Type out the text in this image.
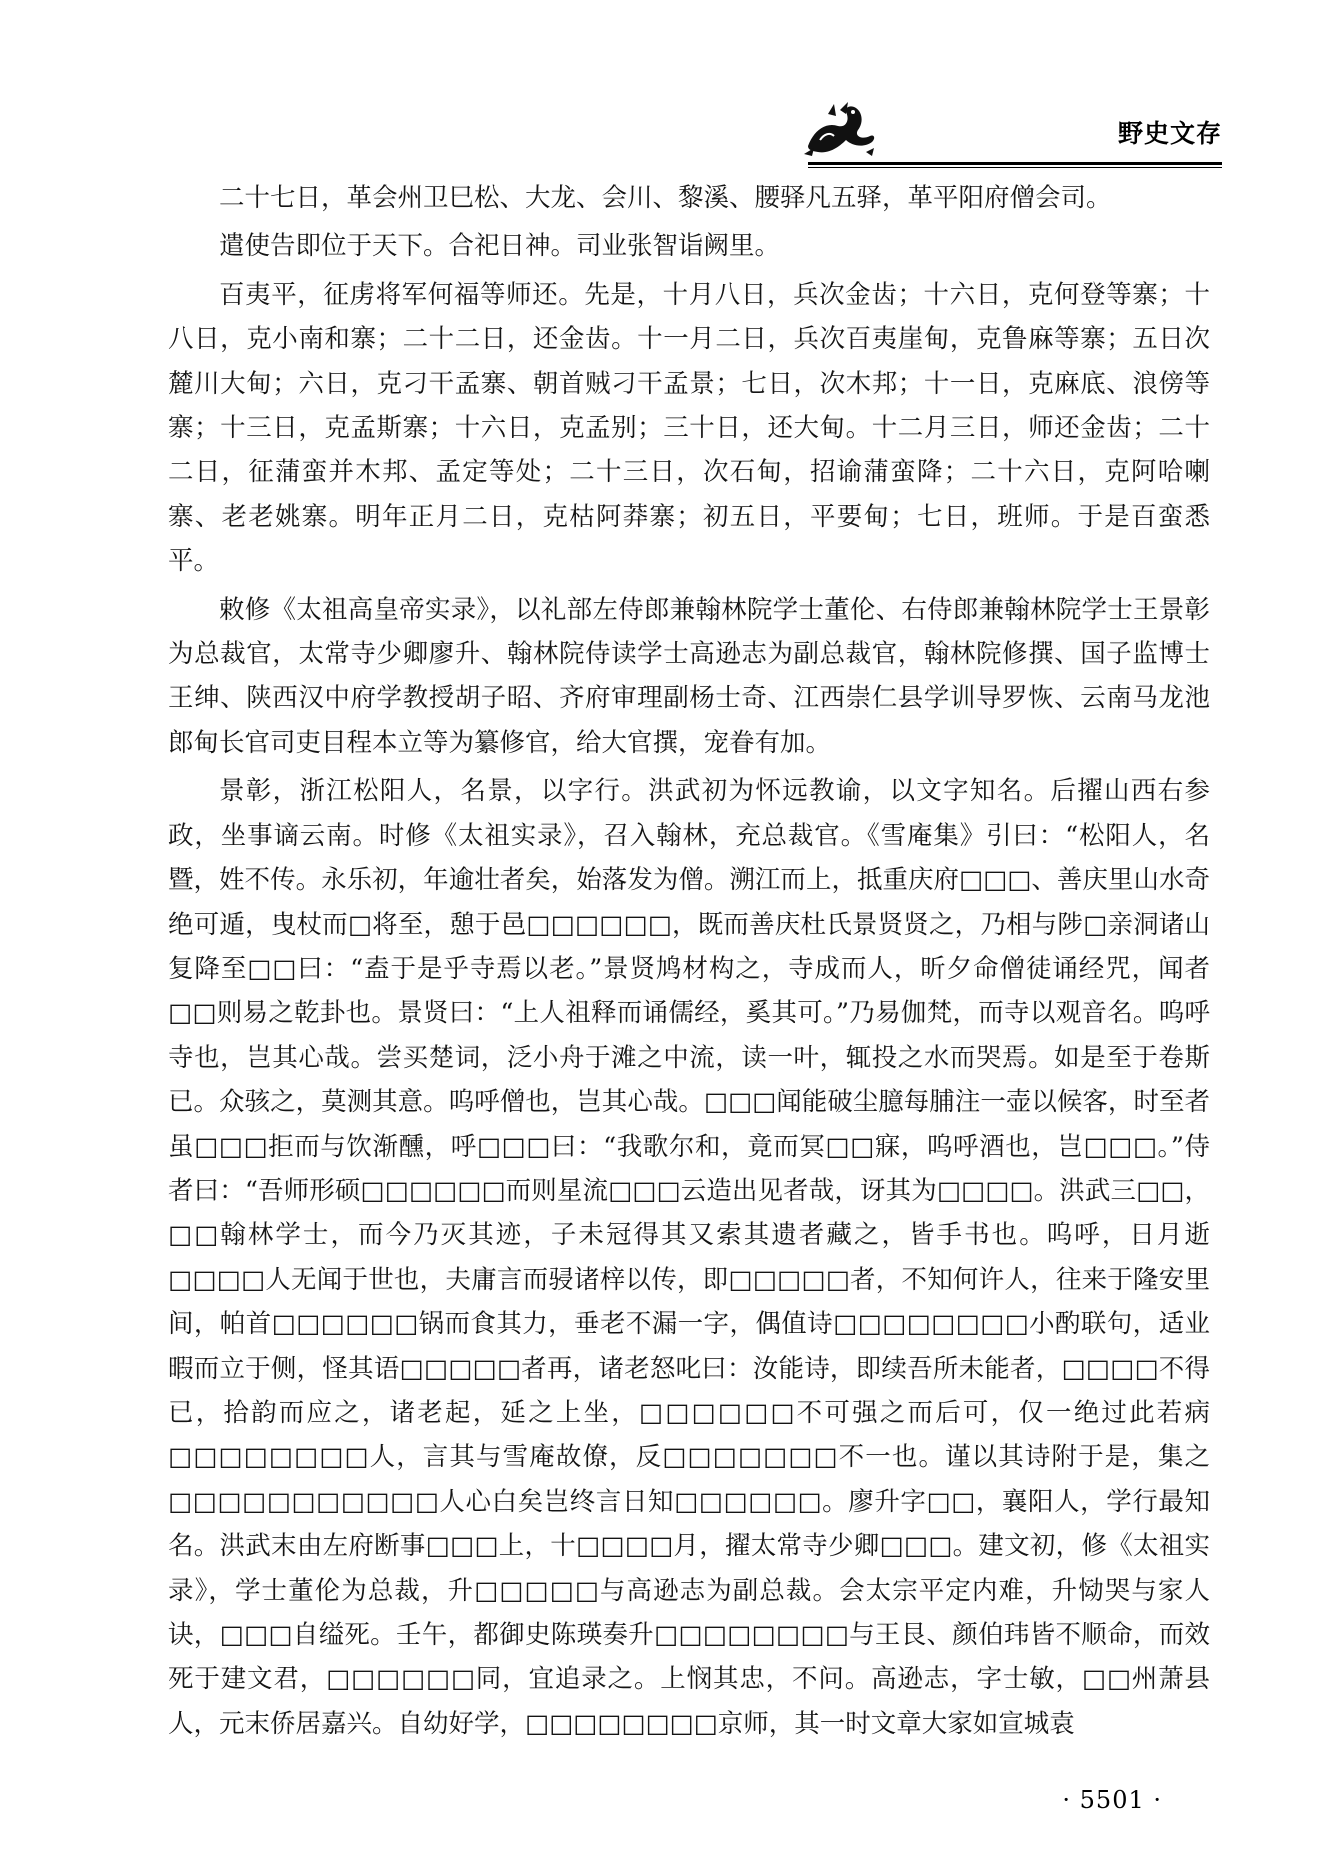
野史文存

二十七日，革会州卫巳松、大龙、会川、黎溪、腰驿凡五驿，革平阳府僧会司。

遣使告即位于天下。合祀日神。司业张智诣阙里。

百夷平，征虏将军何福等师还。先是，十月八日，兵次金齿；十六日，克何登等寨；十八日，克小南和寨；二十二日，还金齿。十一月二日，兵次百夷崖甸，克鲁麻等寨；五日次麓川大甸；六日，克刁干孟寨、朝首贼刁干孟景；七日，次木邦；十一日，克麻底、浪傍等寨；十三日，克孟斯寨；十六日，克孟别；三十日，还大甸。十二月三日，师还金齿；二十二日，征蒲蛮并木邦、孟定等处；二十三日，次石甸，招谕蒲蛮降；二十六日，克阿哈喇寨、老老姚寨。明年正月二日，克枯阿莽寨；初五日，平要甸；七日，班师。于是百蛮悉平。

敕修《太祖高皇帝实录》，以礼部左侍郎兼翰林院学士董伦、右侍郎兼翰林院学士王景彰为总裁官，太常寺少卿廖升、翰林院侍读学士高逊志为副总裁官，翰林院修撰、国子监博士王绅、陕西汉中府学教授胡子昭、齐府审理副杨士奇、江西崇仁县学训导罗恢、云南马龙池郎甸长官司吏目程本立等为纂修官，给大官撰，宠眷有加。

景彰，浙江松阳人，名景，以字行。洪武初为怀远教谕，以文字知名。后擢山西右参政，坐事谪云南。时修《太祖实录》，召入翰林，充总裁官。《雪庵集》引曰：“松阳人，名暨，姓不传。永乐初，年逾壮者矣，始落发为僧。溯江而上，抵重庆府□□□、善庆里山水奇绝可遁，曳杖而□将至，憩于邑□□□□□□，既而善庆杜氏景贤贤之，乃相与陟□亲洞诸山复降至□□曰：“盍于是乎寺焉以老。”景贤鸠材构之，寺成而人，昕夕命僧徒诵经咒，闻者□□则易之乾卦也。景贤曰：“上人祖释而诵儒经，奚其可。”乃易伽梵，而寺以观音名。呜呼寺也，岂其心哉。尝买楚词，泛小舟于滩之中流，读一叶，辄投之水而哭焉。如是至于卷斯已。众骇之，莫测其意。呜呼僧也，岂其心哉。□□□闻能破尘臆每脯注一壶以候客，时至者虽□□□拒而与饮渐醺，呼□□□曰：“我歌尔和，竟而冥□□寐，呜呼酒也，岂□□□。”侍者曰：“吾师形硕□□□□□□而则星流□□□云造出见者哉，讶其为□□□□。洪武三□□，□□翰林学士，而今乃灭其迹，子未冠得其又索其遗者藏之，皆手书也。呜呼，日月逝□□□□人无闻于世也，夫庸言而骎诸梓以传，即□□□□□者，不知何许人，往来于隆安里间，帕首□□□□□□锅而食其力，垂老不漏一字，偶值诗□□□□□□□□小酌联句，适业暇而立于侧，怪其语□□□□□者再，诸老怒叱曰：汝能诗，即续吾所未能者，□□□□不得已，拾韵而应之，诸老起，延之上坐，□□□□□□不可强之而后可，仅一绝过此若病□□□□□□□□人，言其与雪庵故僚，反□□□□□□□不一也。谨以其诗附于是，集之□□□□□□□□□□□人心白矣岂终言日知□□□□□□。廖升字□□，襄阳人，学行最知名。洪武末由左府断事□□□上，十□□□□月，擢太常寺少卿□□□。建文初，修《太祖实录》，学士董伦为总裁，升□□□□□与高逊志为副总裁。会太宗平定内难，升恸哭与家人诀，□□□自缢死。壬午，都御史陈瑛奏升□□□□□□□□与王艮、颜伯玮皆不顺命，而效死于建文君，□□□□□□同，宜追录之。上悯其忠，不问。高逊志，字士敏，□□州萧县人，元末侨居嘉兴。自幼好学，□□□□□□□□京师，其一时文章大家如宣城袁

· 5501 ·
